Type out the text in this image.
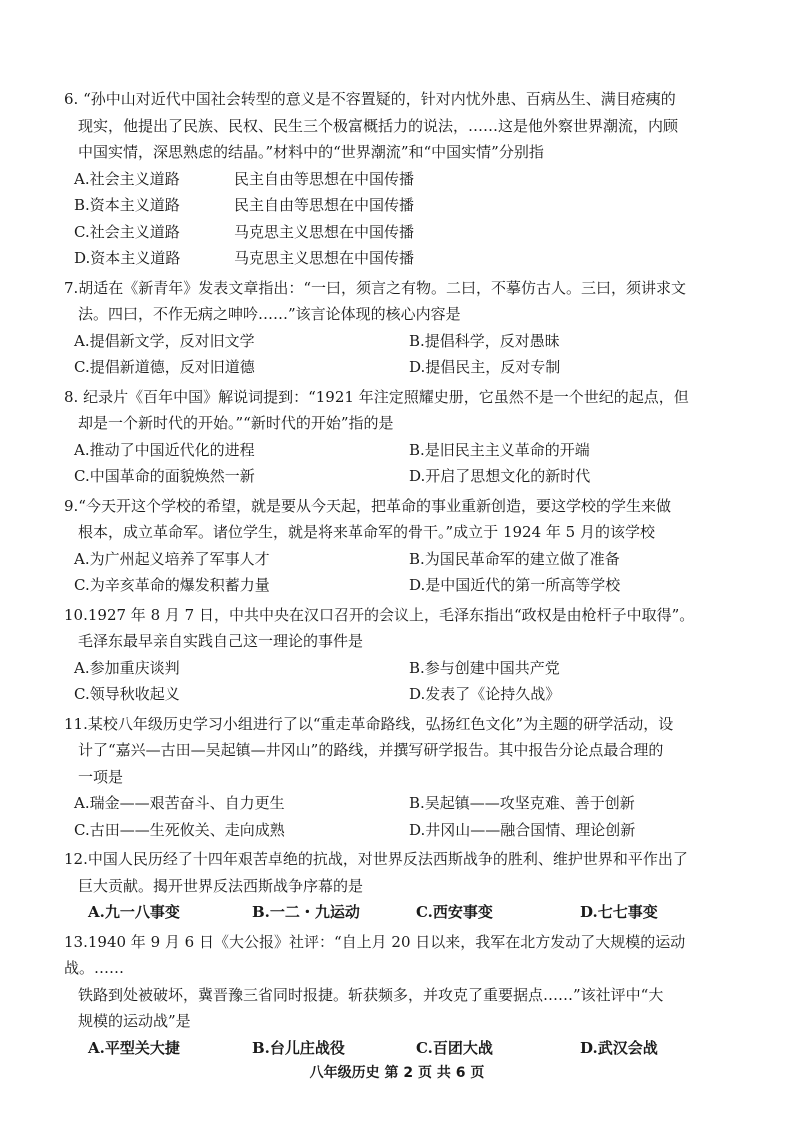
6. “孙中山对近代中国社会转型的意义是不容置疑的，针对内忧外患、百病丛生、满目疮痍的
现实，他提出了民族、民权、民生三个极富概括力的说法，……这是他外察世界潮流，内顾
中国实情，深思熟虑的结晶。”材料中的“世界潮流”和“中国实情”分别指
A.社会主义道路	民主自由等思想在中国传播
B.资本主义道路	民主自由等思想在中国传播
C.社会主义道路	马克思主义思想在中国传播
D.资本主义道路	马克思主义思想在中国传播
7.胡适在《新青年》发表文章指出：“一曰，须言之有物。二曰，不摹仿古人。三曰，须讲求文
法。四曰，不作无病之呻吟……”该言论体现的核心内容是
A.提倡新文学，反对旧文学	B.提倡科学，反对愚昧
C.提倡新道德，反对旧道德	D.提倡民主，反对专制
8. 纪录片《百年中国》解说词提到：“1921 年注定照耀史册，它虽然不是一个世纪的起点，但
却是一个新时代的开始。”“新时代的开始”指的是
A.推动了中国近代化的进程	B.是旧民主主义革命的开端
C.中国革命的面貌焕然一新	D.开启了思想文化的新时代
9.“今天开这个学校的希望，就是要从今天起，把革命的事业重新创造，要这学校的学生来做
根本，成立革命军。诸位学生，就是将来革命军的骨干。”成立于 1924 年 5 月的该学校
A.为广州起义培养了军事人才	B.为国民革命军的建立做了准备
C.为辛亥革命的爆发积蓄力量	D.是中国近代的第一所高等学校
10.1927 年 8 月 7 日，中共中央在汉口召开的会议上，毛泽东指出“政权是由枪杆子中取得”。
毛泽东最早亲自实践自己这一理论的事件是
A.参加重庆谈判	B.参与创建中国共产党
C.领导秋收起义	D.发表了《论持久战》
11.某校八年级历史学习小组进行了以“重走革命路线，弘扬红色文化”为主题的研学活动，设
计了“嘉兴—古田—吴起镇—井冈山”的路线，并撰写研学报告。其中报告分论点最合理的
一项是
A.瑞金——艰苦奋斗、自力更生	B.吴起镇——攻坚克难、善于创新
C.古田——生死攸关、走向成熟	D.井冈山——融合国情、理论创新
12.中国人民历经了十四年艰苦卓绝的抗战，对世界反法西斯战争的胜利、维护世界和平作出了
巨大贡献。揭开世界反法西斯战争序幕的是
A.九一八事变	B.一二・九运动	C.西安事变	D.七七事变
13.1940 年 9 月 6 日《大公报》社评：“自上月 20 日以来，我军在北方发动了大规模的运动战。……
铁路到处被破坏，冀晋豫三省同时报捷。斩获频多，并攻克了重要据点……”该社评中“大
规模的运动战”是
A.平型关大捷	B.台儿庄战役	C.百团大战	D.武汉会战
八年级历史 第 2 页 共 6 页
